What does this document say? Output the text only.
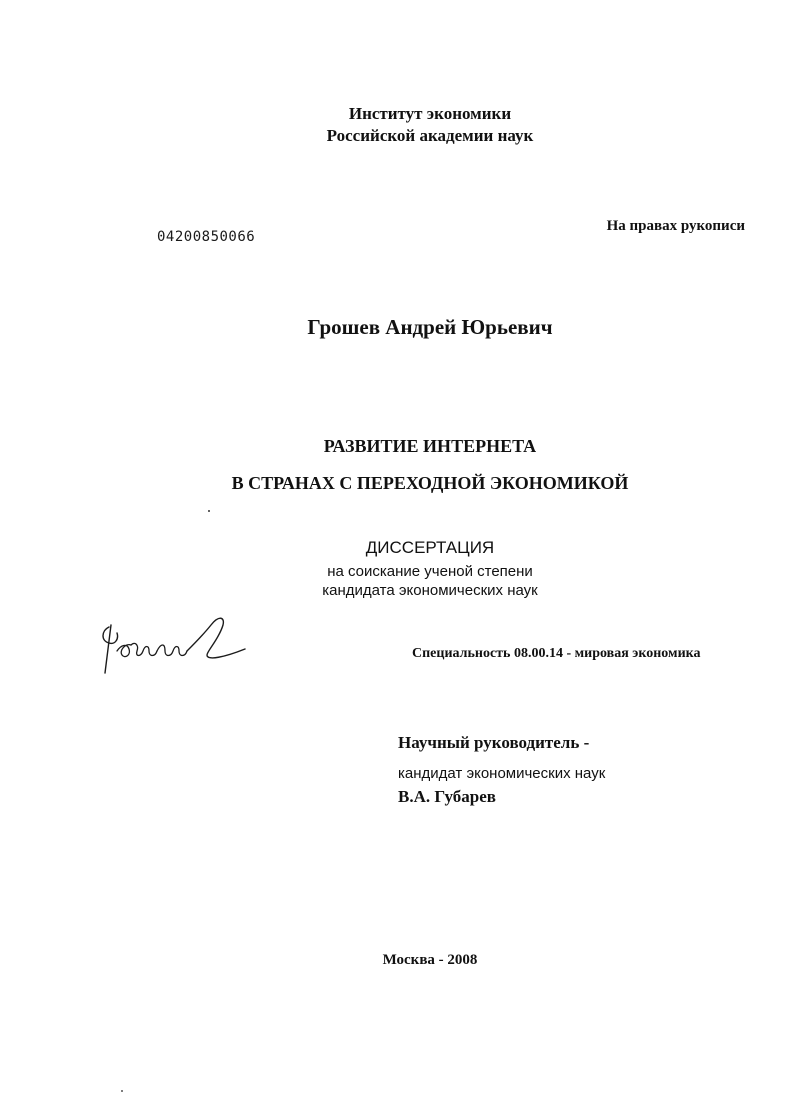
Институт экономики
Российской академии наук
04200850066
На правах рукописи
Грошев Андрей Юрьевич
РАЗВИТИЕ ИНТЕРНЕТА
В СТРАНАХ С ПЕРЕХОДНОЙ ЭКОНОМИКОЙ
ДИССЕРТАЦИЯ
на соискание ученой степени
кандидата экономических наук
Специальность 08.00.14 - мировая экономика
Научный руководитель -
кандидат экономических наук
В.А. Губарев
Москва - 2008
